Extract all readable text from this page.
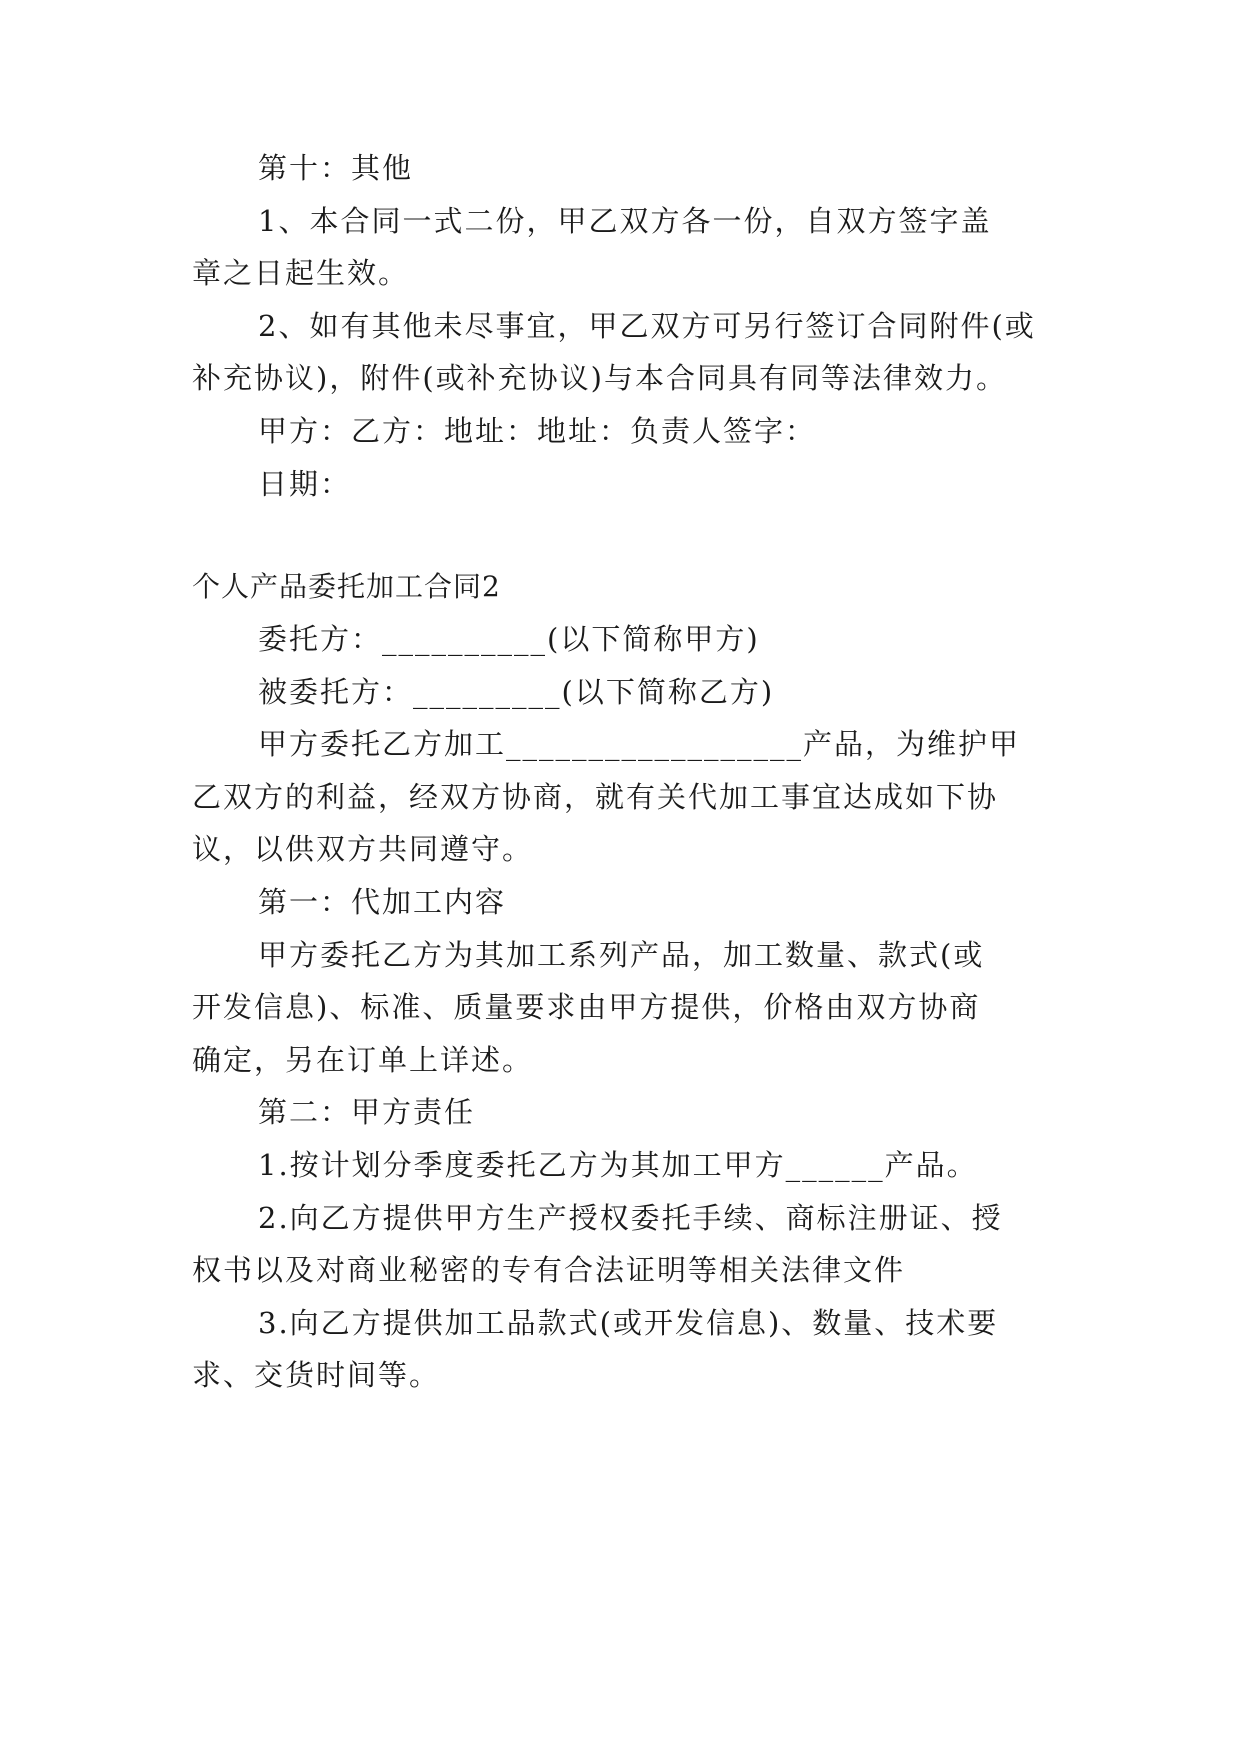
第十：其他
1、本合同一式二份，甲乙双方各一份，自双方签字盖
章之日起生效。
2、如有其他未尽事宜，甲乙双方可另行签订合同附件(或
补充协议)，附件(或补充协议)与本合同具有同等法律效力。
甲方：乙方：地址：地址：负责人签字：
日期：
个人产品委托加工合同2
委托方：__________(以下简称甲方)
被委托方：_________(以下简称乙方)
甲方委托乙方加工__________________产品，为维护甲
乙双方的利益，经双方协商，就有关代加工事宜达成如下协
议，以供双方共同遵守。
第一：代加工内容
甲方委托乙方为其加工系列产品，加工数量、款式(或
开发信息)、标准、质量要求由甲方提供，价格由双方协商
确定，另在订单上详述。
第二：甲方责任
1.按计划分季度委托乙方为其加工甲方______产品。
2.向乙方提供甲方生产授权委托手续、商标注册证、授
权书以及对商业秘密的专有合法证明等相关法律文件
3.向乙方提供加工品款式(或开发信息)、数量、技术要
求、交货时间等。
